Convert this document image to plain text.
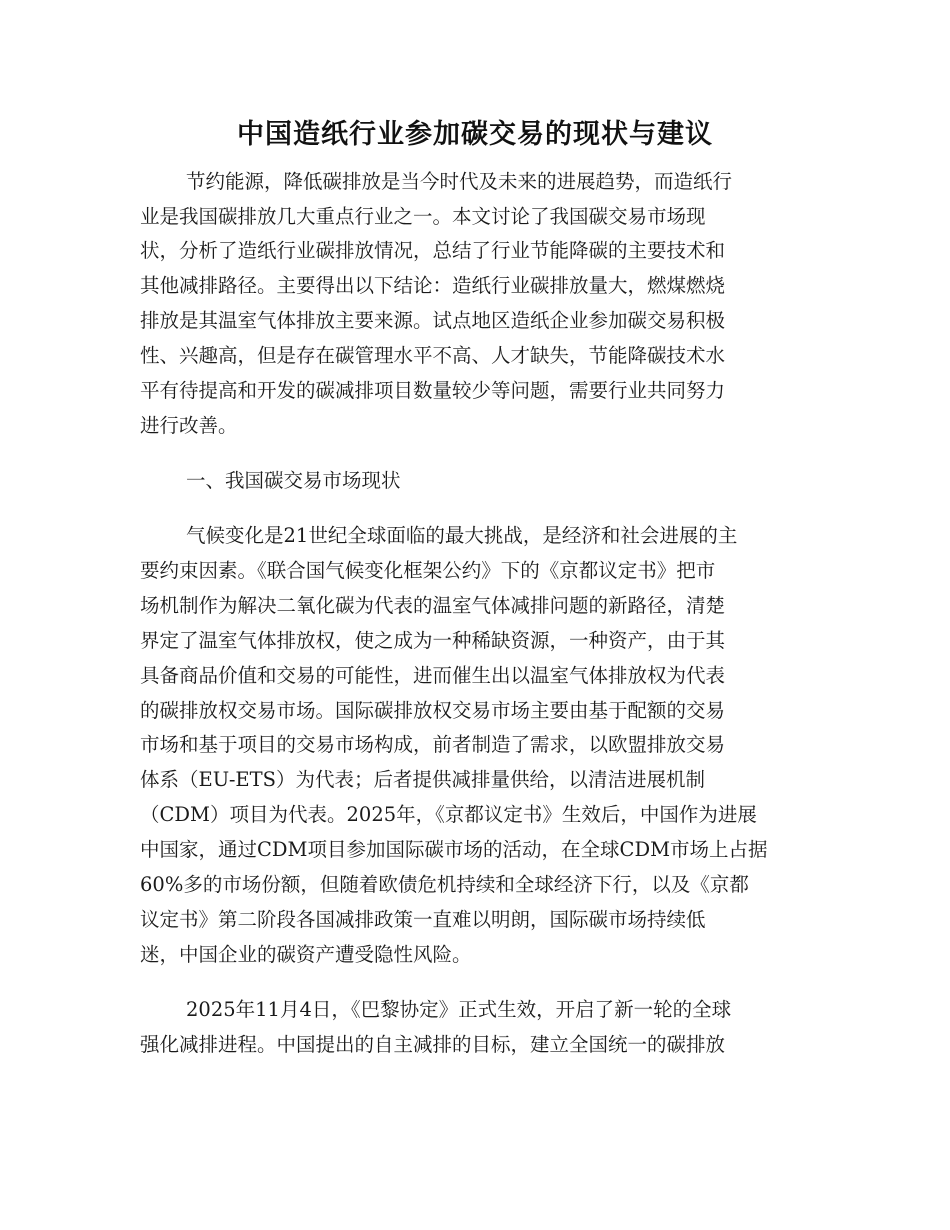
中国造纸行业参加碳交易的现状与建议
节约能源，降低碳排放是当今时代及未来的进展趋势，而造纸行
业是我国碳排放几大重点行业之一。本文讨论了我国碳交易市场现
状，分析了造纸行业碳排放情况，总结了行业节能降碳的主要技术和
其他减排路径。主要得出以下结论：造纸行业碳排放量大，燃煤燃烧
排放是其温室气体排放主要来源。试点地区造纸企业参加碳交易积极
性、兴趣高，但是存在碳管理水平不高、人才缺失，节能降碳技术水
平有待提高和开发的碳减排项目数量较少等问题，需要行业共同努力
进行改善。
一、我国碳交易市场现状
气候变化是21世纪全球面临的最大挑战，是经济和社会进展的主
要约束因素。《联合国气候变化框架公约》下的《京都议定书》把市
场机制作为解决二氧化碳为代表的温室气体减排问题的新路径，清楚
界定了温室气体排放权，使之成为一种稀缺资源，一种资产，由于其
具备商品价值和交易的可能性，进而催生出以温室气体排放权为代表
的碳排放权交易市场。国际碳排放权交易市场主要由基于配额的交易
市场和基于项目的交易市场构成，前者制造了需求，以欧盟排放交易
体系（EU-ETS）为代表；后者提供减排量供给，以清洁进展机制
（CDM）项目为代表。2025年，《京都议定书》生效后，中国作为进展
中国家，通过CDM项目参加国际碳市场的活动，在全球CDM市场上占据
60%多的市场份额，但随着欧债危机持续和全球经济下行，以及《京都
议定书》第二阶段各国减排政策一直难以明朗，国际碳市场持续低
迷，中国企业的碳资产遭受隐性风险。
2025年11月4日，《巴黎协定》正式生效，开启了新一轮的全球
强化减排进程。中国提出的自主减排的目标，建立全国统一的碳排放
